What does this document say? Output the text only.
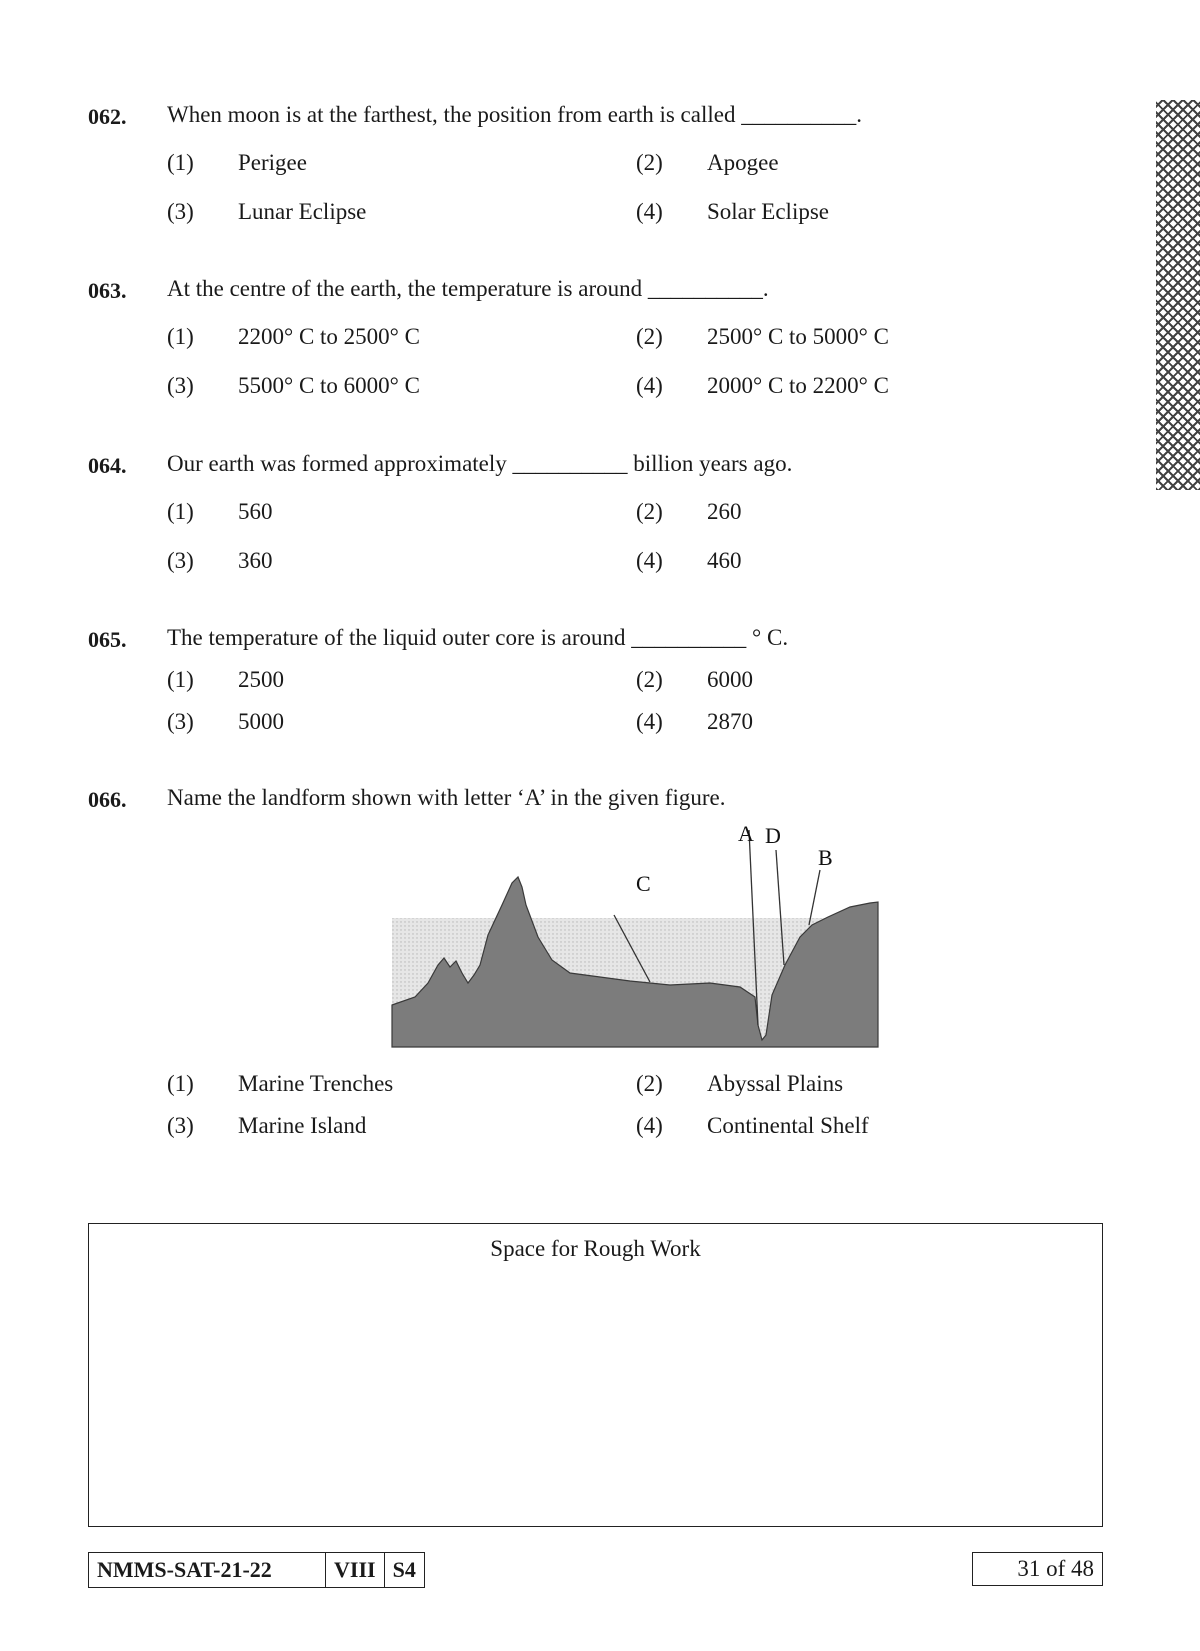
062. When moon is at the farthest, the position from earth is called __________.
(1) Perigee	(2) Apogee
(3) Lunar Eclipse	(4) Solar Eclipse
063. At the centre of the earth, the temperature is around __________.
(1) 2200° C to 2500° C	(2) 2500° C to 5000° C
(3) 5500° C to 6000° C	(4) 2000° C to 2200° C
064. Our earth was formed approximately __________ billion years ago.
(1) 560	(2) 260
(3) 360	(4) 460
065. The temperature of the liquid outer core is around __________ ° C.
(1) 2500	(2) 6000
(3) 5000	(4) 2870
066. Name the landform shown with letter ‘A’ in the given figure.
(1) Marine Trenches	(2) Abyssal Plains
(3) Marine Island	(4) Continental Shelf
A D
B
C
Space for Rough Work
NMMS-SAT-21-22	VIII S4	31 of 48
